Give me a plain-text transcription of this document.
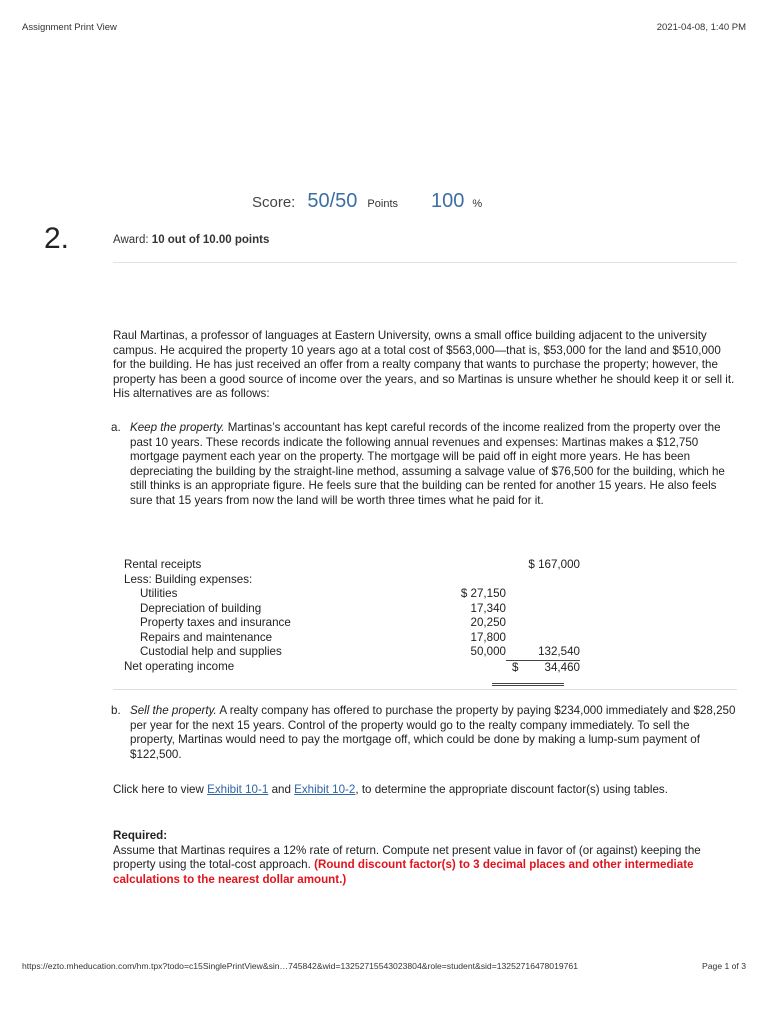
Assignment Print View	2021-04-08, 1:40 PM
Score: 50/50 Points 100 %
2.	Award: 10 out of 10.00 points
Raul Martinas, a professor of languages at Eastern University, owns a small office building adjacent to the university campus. He acquired the property 10 years ago at a total cost of $563,000—that is, $53,000 for the land and $510,000 for the building. He has just received an offer from a realty company that wants to purchase the property; however, the property has been a good source of income over the years, and so Martinas is unsure whether he should keep it or sell it. His alternatives are as follows:
a. Keep the property. Martinas’s accountant has kept careful records of the income realized from the property over the past 10 years. These records indicate the following annual revenues and expenses: Martinas makes a $12,750 mortgage payment each year on the property. The mortgage will be paid off in eight more years. He has been depreciating the building by the straight-line method, assuming a salvage value of $76,500 for the building, which he still thinks is an appropriate figure. He feels sure that the building can be rented for another 15 years. He also feels sure that 15 years from now the land will be worth three times what he paid for it.
Rental receipts		$ 167,000
Less: Building expenses:		
Utilities	$ 27,150	
Depreciation of building	17,340	
Property taxes and insurance	20,250	
Repairs and maintenance	17,800	
Custodial help and supplies	50,000	132,540
Net operating income		$ 34,460
b. Sell the property. A realty company has offered to purchase the property by paying $234,000 immediately and $28,250 per year for the next 15 years. Control of the property would go to the realty company immediately. To sell the property, Martinas would need to pay the mortgage off, which could be done by making a lump-sum payment of $122,500.
Click here to view Exhibit 10-1 and Exhibit 10-2, to determine the appropriate discount factor(s) using tables.
Required:
Assume that Martinas requires a 12% rate of return. Compute net present value in favor of (or against) keeping the property using the total-cost approach. (Round discount factor(s) to 3 decimal places and other intermediate calculations to the nearest dollar amount.)
https://ezto.mheducation.com/hm.tpx?todo=c15SinglePrintView&sin…745842&wid=13252715543023804&role=student&sid=13252716478019761	Page 1 of 3
